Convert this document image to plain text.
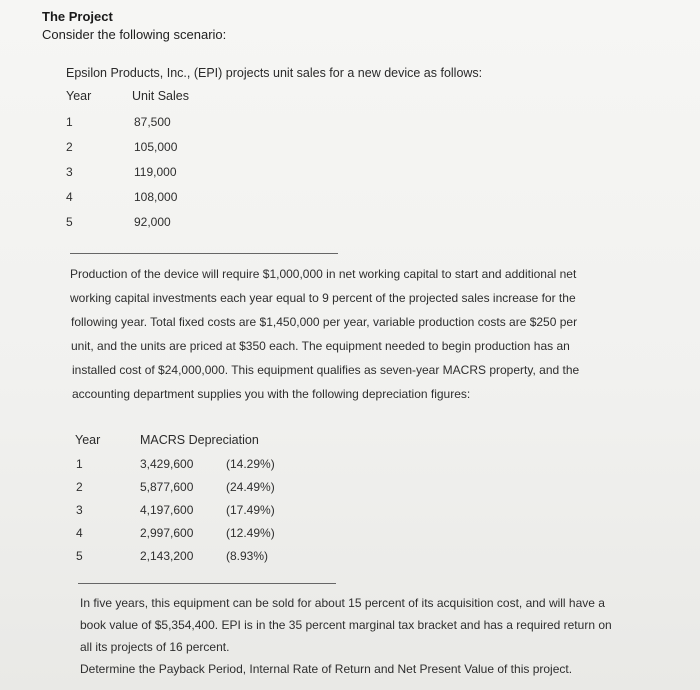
The Project
Consider the following scenario:
Epsilon Products, Inc., (EPI) projects unit sales for a new device as follows:
Year	Unit Sales
1	87,500
2	105,000
3	119,000
4	108,000
5	92,000
Production of the device will require $1,000,000 in net working capital to start and additional net
working capital investments each year equal to 9 percent of the projected sales increase for the
following year. Total fixed costs are $1,450,000 per year, variable production costs are $250 per
unit, and the units are priced at $350 each. The equipment needed to begin production has an
installed cost of $24,000,000. This equipment qualifies as seven-year MACRS property, and the
accounting department supplies you with the following depreciation figures:
Year	MACRS Depreciation
1	3,429,600	(14.29%)
2	5,877,600	(24.49%)
3	4,197,600	(17.49%)
4	2,997,600	(12.49%)
5	2,143,200	(8.93%)
In five years, this equipment can be sold for about 15 percent of its acquisition cost, and will have a
book value of $5,354,400. EPI is in the 35 percent marginal tax bracket and has a required return on
all its projects of 16 percent.
Determine the Payback Period, Internal Rate of Return and Net Present Value of this project.
